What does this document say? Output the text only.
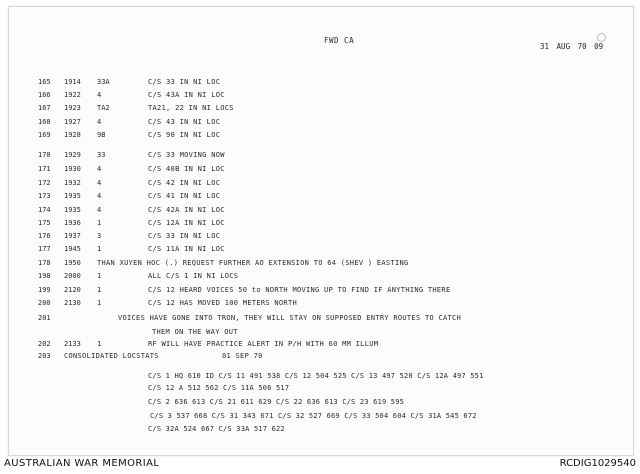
FWD CA
31 AUG 70 09
165 1914 33A	C/S 33 IN NI LOC
166 1922 4	C/S 43A IN NI LOC
167 1923 TA2	TA21, 22 IN NI LOCS
168 1927 4	C/S 43 IN NI LOC
169 1928 9B	C/S 90 IN NI LOC
170 1929 33	C/S 33 MOVING NOW
171 1930 4	C/S 40B IN NI LOC
172 1932 4	C/S 42 IN NI LOC
173 1935 4	C/S 41 IN NI LOC
174 1935 4	C/S 42A IN NI LOC
175 1936 1	C/S 12A IN NI LOC
176 1937 3	C/S 33 IN NI LOC
177 1945 1	C/S 11A IN NI LOC
178 1950 THAN XUYEN HOC (.) REQUEST FURTHER AO EXTENSION TO 64 (SHEV ) EASTING
198 2000 1	ALL C/S 1 IN NI LOCS
199 2120 1	C/S 12 HEARD VOICES 50 to NORTH MOVING UP TO FIND IF ANYTHING THERE
200 2130 1	C/S 12 HAS MOVED 100 METERS NORTH
201	VOICES HAVE GONE INTO TRON, THEY WILL STAY ON SUPPOSED ENTRY ROUTES TO CATCH
THEM ON THE WAY OUT
202 2133 1	RF WILL HAVE PRACTICE ALERT IN P/H WITH 60 MM ILLUM
203 CONSOLIDATED LOCSTATS	01 SEP 70
C/S 1 HQ 610 ID C/S 11 491 538 C/S 12 504 525 C/S 13 497 520 C/S 12A 497 551
C/S 12 A 512 562 C/S 11A 506 517
C/S 2 636 613 C/S 21 611 629 C/S 22 636 613 C/S 23 619 595
C/S 3 537 668 C/S 31 343 671 C/S 32 527 669 C/S 33 504 604 C/S 31A 545 672
C/S 32A 524 667 C/S 33A 517 622
AUSTRALIAN WAR MEMORIAL	RCDIG1029540
